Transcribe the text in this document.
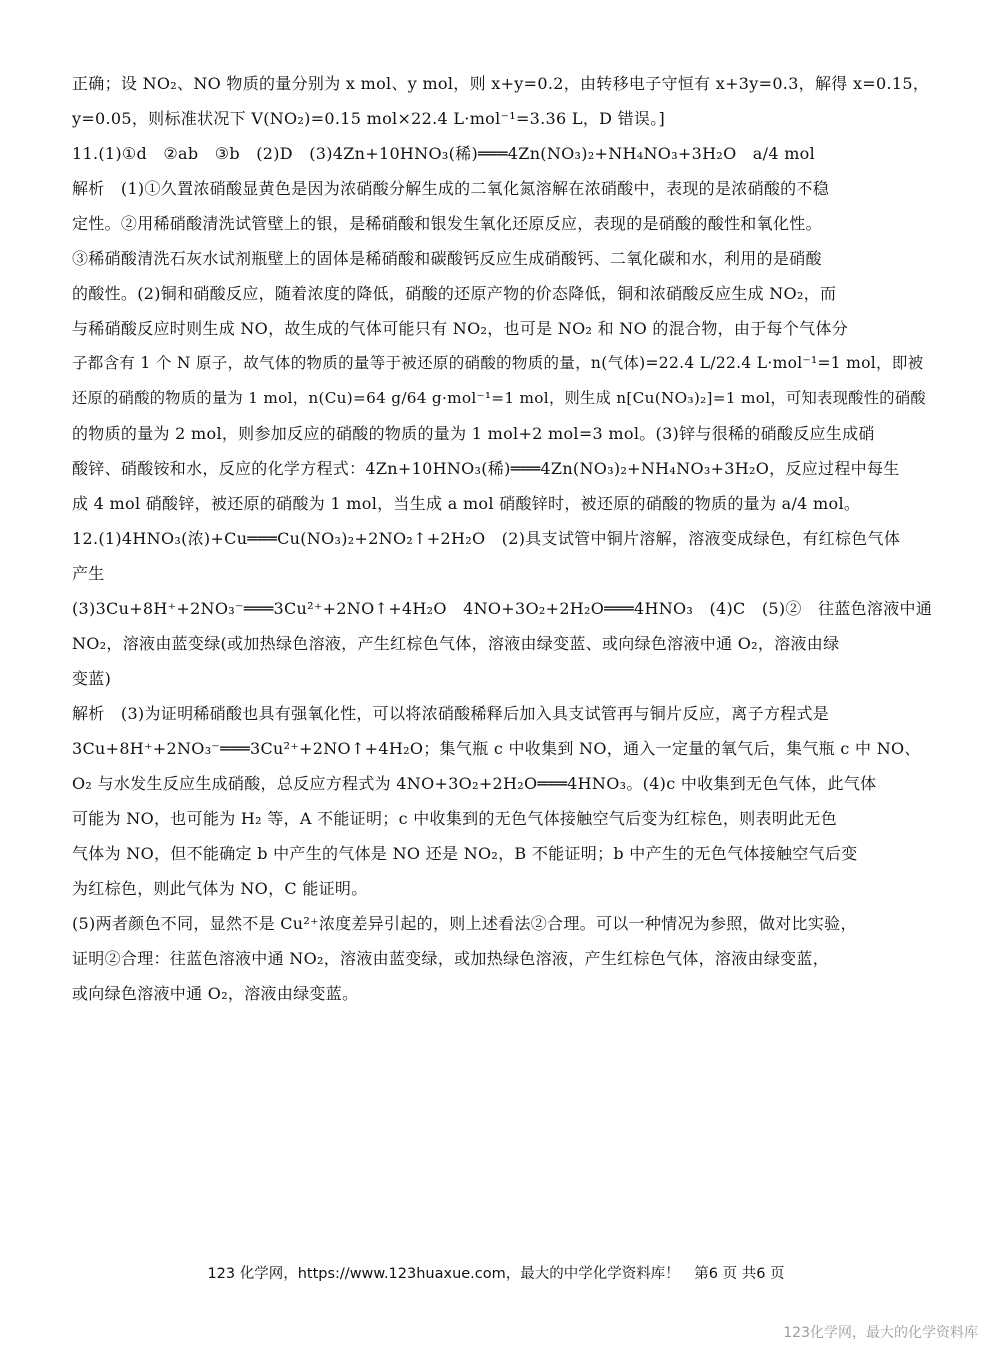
正确；设 NO₂、NO 物质的量分别为 x mol、y mol，则 x+y=0.2，由转移电子守恒有 x+3y=0.3，解得 x=0.15，
y=0.05，则标准状况下 V(NO₂)=0.15 mol×22.4 L·mol⁻¹=3.36 L，D 错误。]
11.(1)①d　②ab　③b　(2)D　(3)4Zn+10HNO₃(稀)═══4Zn(NO₃)₂+NH₄NO₃+3H₂O　a/4 mol
解析　(1)①久置浓硝酸显黄色是因为浓硝酸分解生成的二氧化氮溶解在浓硝酸中，表现的是浓硝酸的不稳
定性。②用稀硝酸清洗试管壁上的银，是稀硝酸和银发生氧化还原反应，表现的是硝酸的酸性和氧化性。
③稀硝酸清洗石灰水试剂瓶壁上的固体是稀硝酸和碳酸钙反应生成硝酸钙、二氧化碳和水，利用的是硝酸
的酸性。(2)铜和硝酸反应，随着浓度的降低，硝酸的还原产物的价态降低，铜和浓硝酸反应生成 NO₂，而
与稀硝酸反应时则生成 NO，故生成的气体可能只有 NO₂，也可是 NO₂ 和 NO 的混合物，由于每个气体分
子都含有 1 个 N 原子，故气体的物质的量等于被还原的硝酸的物质的量，n(气体)=22.4 L/22.4 L·mol⁻¹=1 mol，即被
还原的硝酸的物质的量为 1 mol，n(Cu)=64 g/64 g·mol⁻¹=1 mol，则生成 n[Cu(NO₃)₂]=1 mol，可知表现酸性的硝酸
的物质的量为 2 mol，则参加反应的硝酸的物质的量为 1 mol+2 mol=3 mol。(3)锌与很稀的硝酸反应生成硝
酸锌、硝酸铵和水，反应的化学方程式：4Zn+10HNO₃(稀)═══4Zn(NO₃)₂+NH₄NO₃+3H₂O，反应过程中每生
成 4 mol 硝酸锌，被还原的硝酸为 1 mol，当生成 a mol 硝酸锌时，被还原的硝酸的物质的量为 a/4 mol。
12.(1)4HNO₃(浓)+Cu═══Cu(NO₃)₂+2NO₂↑+2H₂O　(2)具支试管中铜片溶解，溶液变成绿色，有红棕色气体
产生
(3)3Cu+8H⁺+2NO₃⁻═══3Cu²⁺+2NO↑+4H₂O　4NO+3O₂+2H₂O═══4HNO₃　(4)C　(5)②　往蓝色溶液中通
NO₂，溶液由蓝变绿(或加热绿色溶液，产生红棕色气体，溶液由绿变蓝、或向绿色溶液中通 O₂，溶液由绿
变蓝)
解析　(3)为证明稀硝酸也具有强氧化性，可以将浓硝酸稀释后加入具支试管再与铜片反应，离子方程式是
3Cu+8H⁺+2NO₃⁻═══3Cu²⁺+2NO↑+4H₂O；集气瓶 c 中收集到 NO，通入一定量的氧气后，集气瓶 c 中 NO、
O₂ 与水发生反应生成硝酸，总反应方程式为 4NO+3O₂+2H₂O═══4HNO₃。(4)c 中收集到无色气体，此气体
可能为 NO，也可能为 H₂ 等，A 不能证明；c 中收集到的无色气体接触空气后变为红棕色，则表明此无色
气体为 NO，但不能确定 b 中产生的气体是 NO 还是 NO₂，B 不能证明；b 中产生的无色气体接触空气后变
为红棕色，则此气体为 NO，C 能证明。
(5)两者颜色不同，显然不是 Cu²⁺浓度差异引起的，则上述看法②合理。可以一种情况为参照，做对比实验，
证明②合理：往蓝色溶液中通 NO₂，溶液由蓝变绿，或加热绿色溶液，产生红棕色气体，溶液由绿变蓝，
或向绿色溶液中通 O₂，溶液由绿变蓝。
123 化学网，https://www.123huaxue.com，最大的中学化学资料库！　第6 页 共6 页
123化学网，最大的化学资料库
